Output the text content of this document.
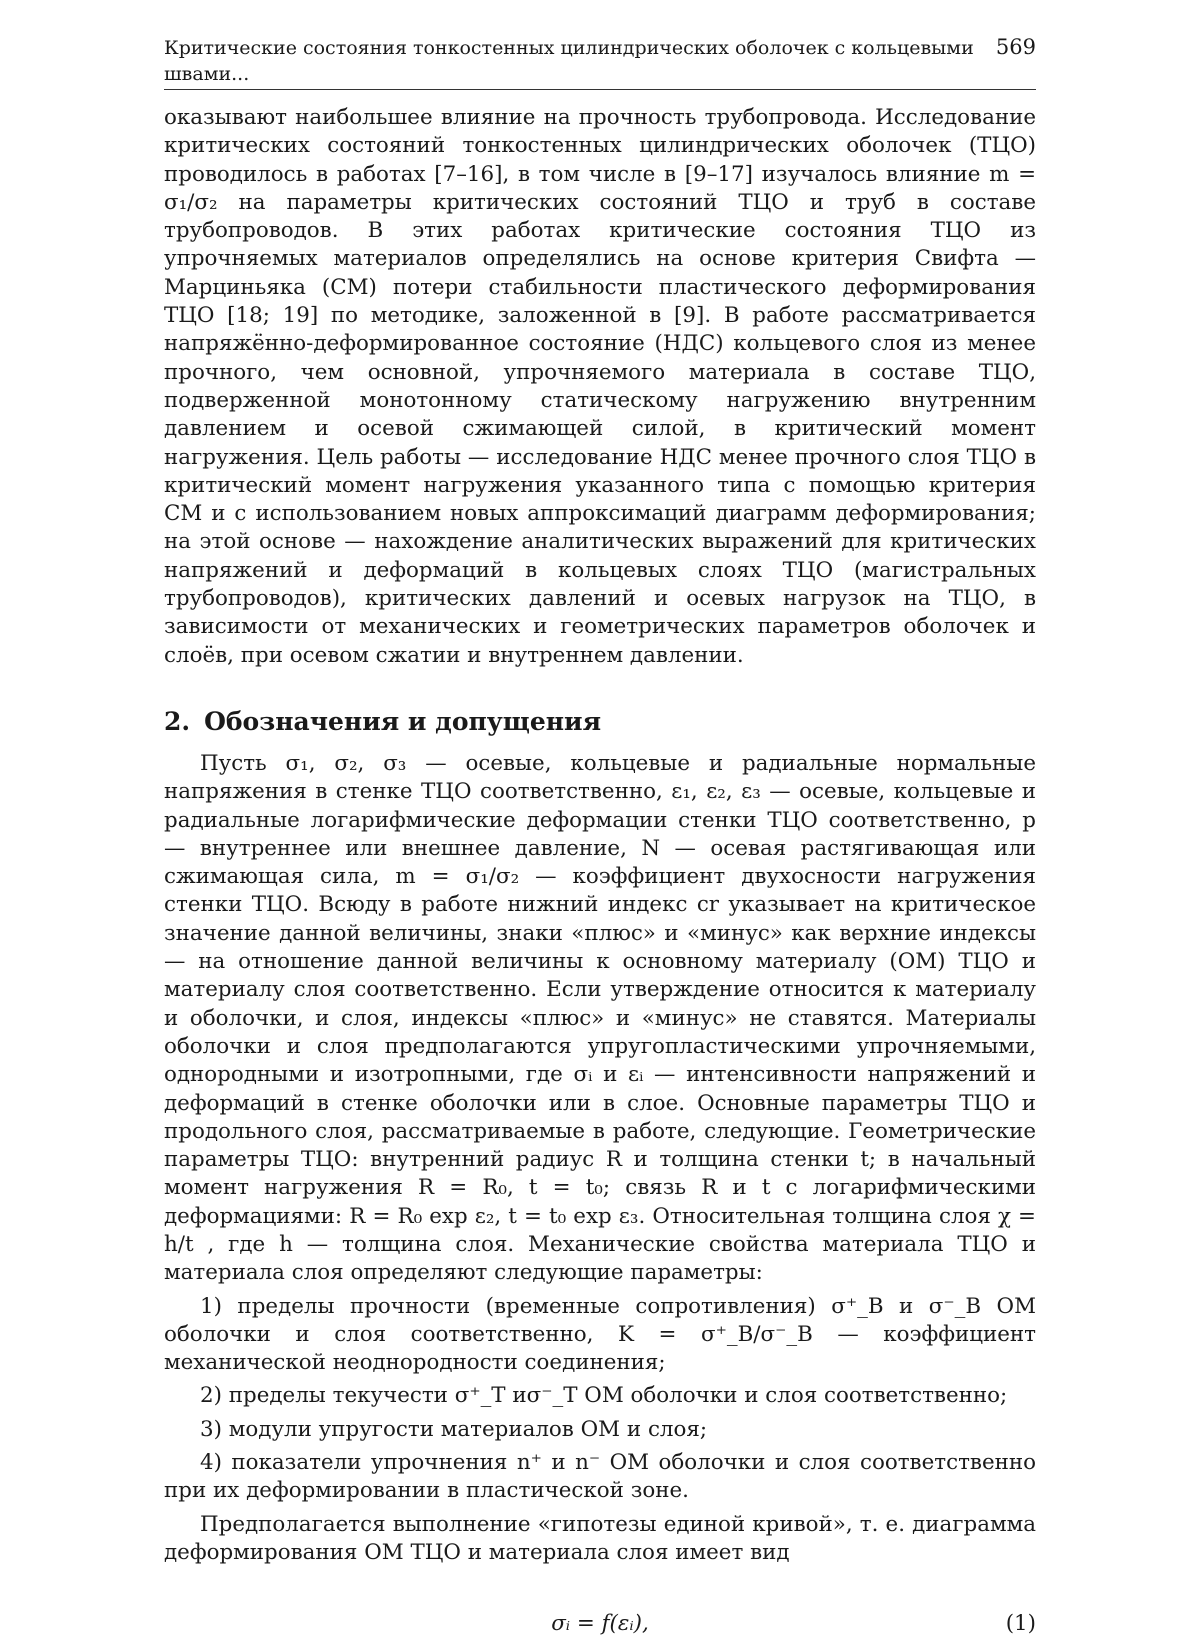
Критические состояния тонкостенных цилиндрических оболочек с кольцевыми швами...
569

оказывают наибольшее влияние на прочность трубопровода. Исследование критических состояний тонкостенных цилиндрических оболочек (ТЦО) проводилось в работах [7–16], в том числе в [9–17] изучалось влияние m = σ₁/σ₂ на параметры критических состояний ТЦО и труб в составе трубопроводов. В этих работах критические состояния ТЦО из упрочняемых материалов определялись на основе критерия Свифта — Марциньяка (СМ) потери стабильности пластического деформирования ТЦО [18; 19] по методике, заложенной в [9]. В работе рассматривается напряжённо-деформированное состояние (НДС) кольцевого слоя из менее прочного, чем основной, упрочняемого материала в составе ТЦО, подверженной монотонному статическому нагружению внутренним давлением и осевой сжимающей силой, в критический момент нагружения. Цель работы — исследование НДС менее прочного слоя ТЦО в критический момент нагружения указанного типа с помощью критерия СМ и с использованием новых аппроксимаций диаграмм деформирования; на этой основе — нахождение аналитических выражений для критических напряжений и деформаций в кольцевых слоях ТЦО (магистральных трубопроводов), критических давлений и осевых нагрузок на ТЦО, в зависимости от механических и геометрических параметров оболочек и слоёв, при осевом сжатии и внутреннем давлении.

2. Обозначения и допущения

Пусть σ₁, σ₂, σ₃ — осевые, кольцевые и радиальные нормальные напряжения в стенке ТЦО соответственно, ε₁, ε₂, ε₃ — осевые, кольцевые и радиальные логарифмические деформации стенки ТЦО соответственно, p — внутреннее или внешнее давление, N — осевая растягивающая или сжимающая сила, m = σ₁/σ₂ — коэффициент двухосности нагружения стенки ТЦО. Всюду в работе нижний индекс cr указывает на критическое значение данной величины, знаки «плюс» и «минус» как верхние индексы — на отношение данной величины к основному материалу (ОМ) ТЦО и материалу слоя соответственно. Если утверждение относится к материалу и оболочки, и слоя, индексы «плюс» и «минус» не ставятся. Материалы оболочки и слоя предполагаются упругопластическими упрочняемыми, однородными и изотропными, где σᵢ и εᵢ — интенсивности напряжений и деформаций в стенке оболочки или в слое. Основные параметры ТЦО и продольного слоя, рассматриваемые в работе, следующие. Геометрические параметры ТЦО: внутренний радиус R и толщина стенки t; в начальный момент нагружения R = R₀, t = t₀; связь R и t с логарифмическими деформациями: R = R₀ exp ε₂, t = t₀ exp ε₃. Относительная толщина слоя χ = h/t , где h — толщина слоя. Механические свойства материала ТЦО и материала слоя определяют следующие параметры:

1) пределы прочности (временные сопротивления) σ⁺_B и σ⁻_B ОМ оболочки и слоя соответственно, K = σ⁺_B/σ⁻_B — коэффициент механической неоднородности соединения;

2) пределы текучести σ⁺_T иσ⁻_T ОМ оболочки и слоя соответственно;

3) модули упругости материалов ОМ и слоя;

4) показатели упрочнения n⁺ и n⁻ ОМ оболочки и слоя соответственно при их деформировании в пластической зоне.

Предполагается выполнение «гипотезы единой кривой», т. е. диаграмма деформирования ОМ ТЦО и материала слоя имеет вид

σᵢ = f(εᵢ),	(1)
